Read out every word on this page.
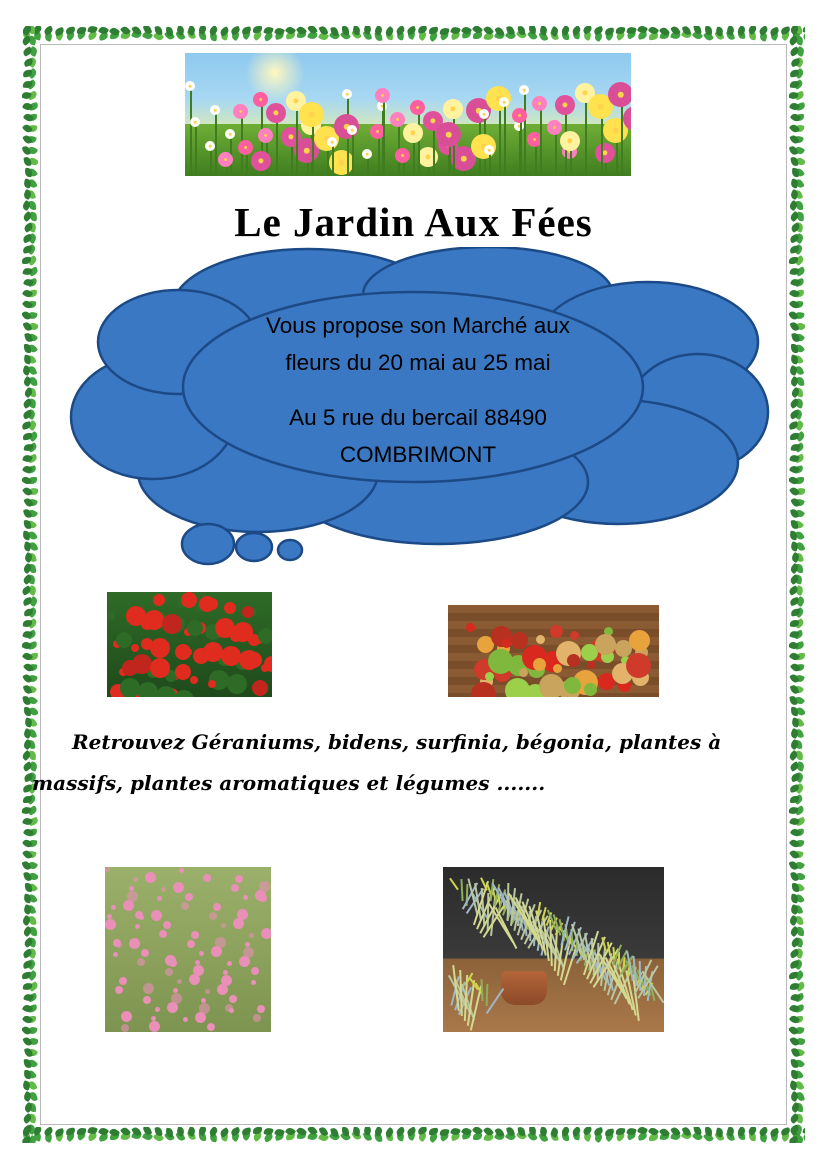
Le Jardin Aux Fées
Vous propose son Marché aux
fleurs du 20 mai au 25 mai
Au 5 rue du bercail 88490
COMBRIMONT
Retrouvez Géraniums, bidens, surfinia, bégonia, plantes à
massifs, plantes aromatiques et légumes .......
